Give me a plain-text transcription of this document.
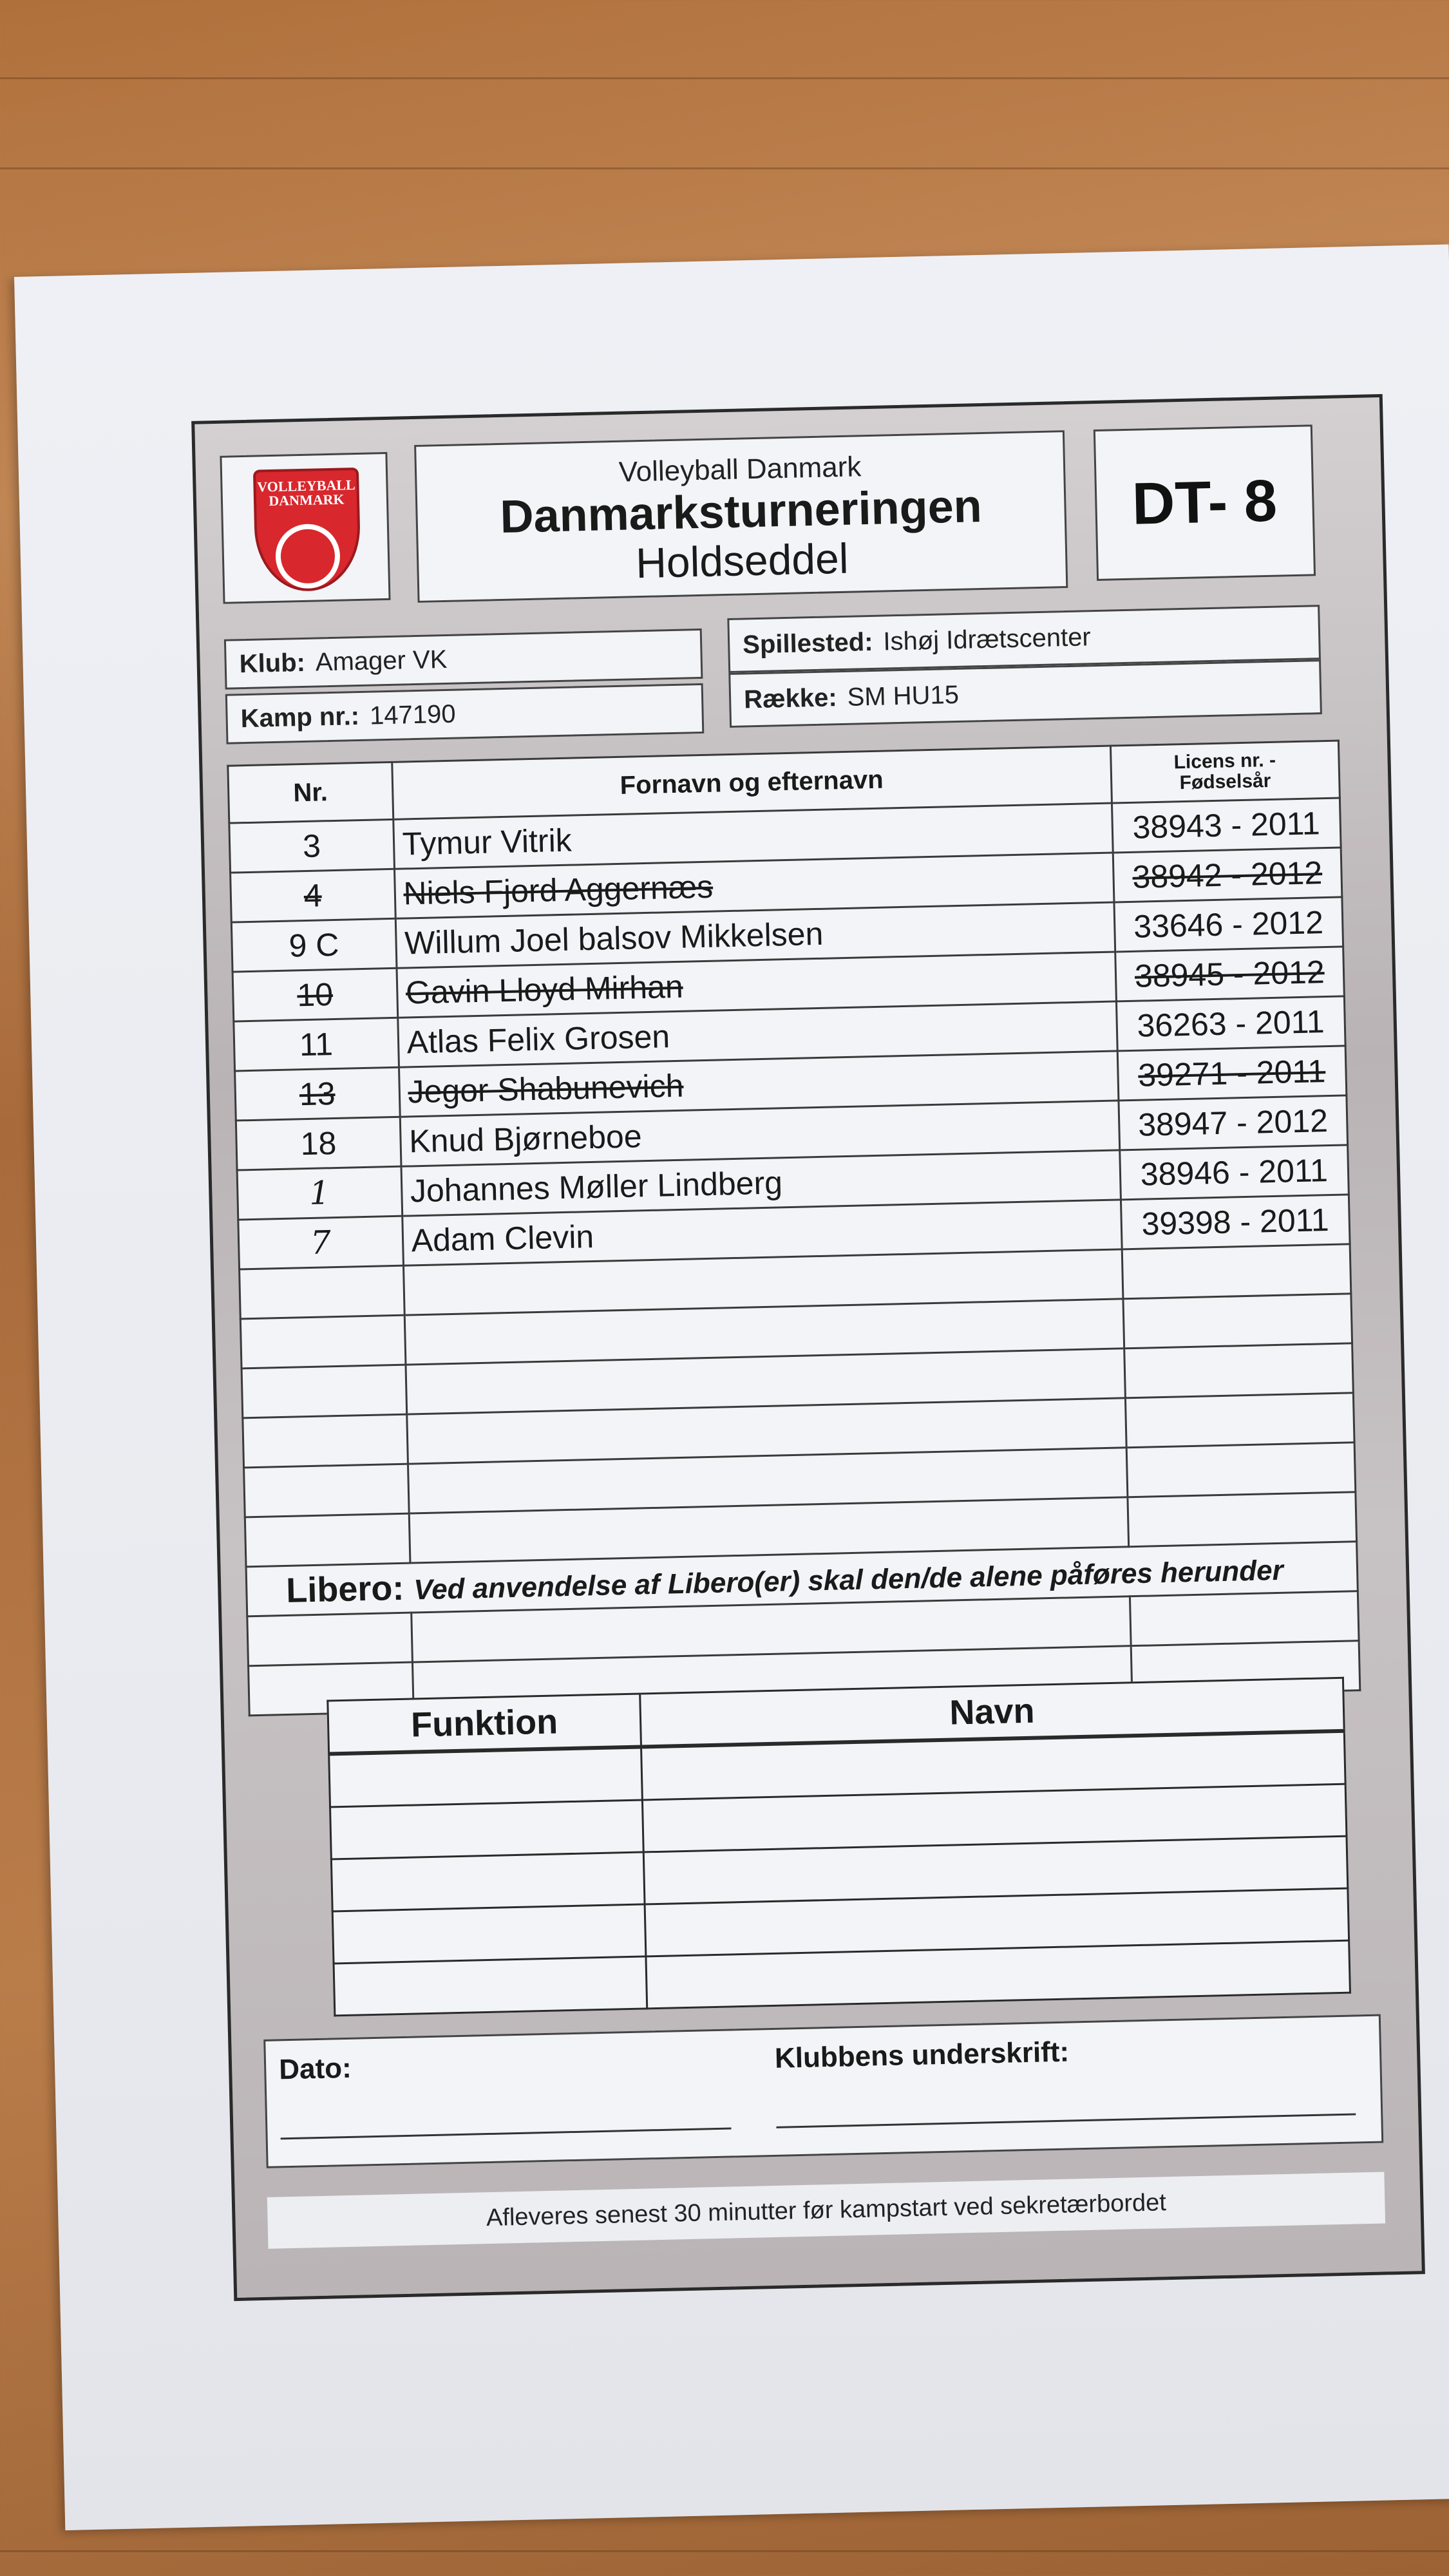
VOLLEYBALL
DANMARK
Volleyball Danmark
Danmarksturneringen
Holdseddel
DT- 8
Klub: Amager VK
Kamp nr.: 147190
Spillested: Ishøj Idrætscenter
Række: SM HU15
Nr.	Fornavn og efternavn	Licens nr. -
Fødselsår
3	Tymur Vitrik	38943 - 2011
4	Niels Fjord Aggernæs	38942 - 2012
9 C	Willum Joel balsov Mikkelsen	33646 - 2012
10	Gavin Lloyd Mirhan	38945 - 2012
11	Atlas Felix Grosen	36263 - 2011
13	Jegor Shabunevich	39271 - 2011
18	Knud Bjørneboe	38947 - 2012
1	Johannes Møller Lindberg	38946 - 2011
7	Adam Clevin	39398 - 2011

Libero: Ved anvendelse af Libero(er) skal den/de alene påføres herunder		

Funktion	Navn

Dato:	Klubbens underskrift:
Afleveres senest 30 minutter før kampstart ved sekretærbordet
